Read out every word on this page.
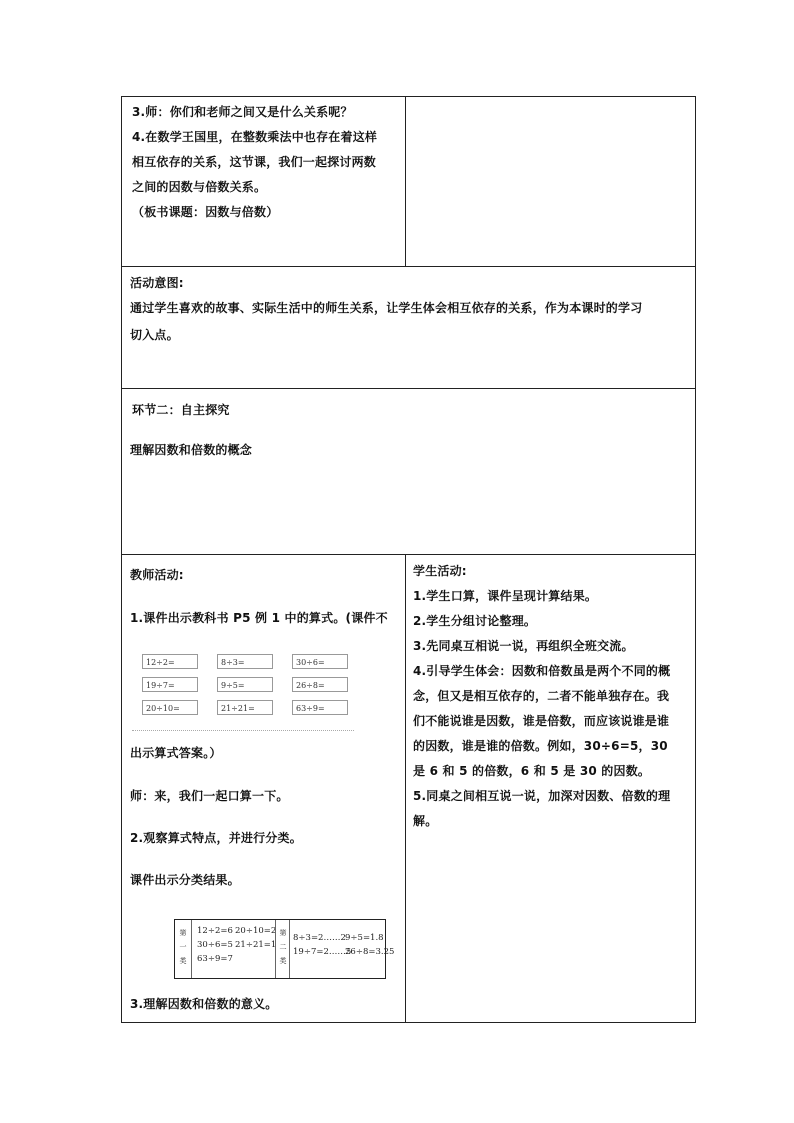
3.师：你们和老师之间又是什么关系呢？

4.在数学王国里，在整数乘法中也存在着这样

相互依存的关系，这节课，我们一起探讨两数

之间的因数与倍数关系。

（板书课题：因数与倍数）

活动意图:

通过学生喜欢的故事、实际生活中的师生关系，让学生体会相互依存的关系，作为本课时的学习

切入点。

环节二：自主探究
理解因数和倍数的概念
教师活动:
1.课件出示教科书 P5 例 1 中的算式。(课件不
12÷2=	8÷3=	30÷6=
19÷7=	9÷5=	26÷8=
20÷10=	21÷21=	63÷9=
第一类
12÷2=6 20÷10=2
30÷6=5 21÷21=1
63÷9=7
第二类
8÷3=2……2 9÷5=1.8
19÷7=2……5
26÷8=3.25
出示算式答案。）
师：来，我们一起口算一下。
2.观察算式特点，并进行分类。
课件出示分类结果。
3.理解因数和倍数的意义。

学生活动:

1.学生口算，课件呈现计算结果。

2.学生分组讨论整理。

3.先同桌互相说一说，再组织全班交流。

4.引导学生体会：因数和倍数虽是两个不同的概

念，但又是相互依存的，二者不能单独存在。我

们不能说谁是因数，谁是倍数，而应该说谁是谁

的因数，谁是谁的倍数。例如，30÷6=5，30

是 6 和 5 的倍数，6 和 5 是 30 的因数。

5.同桌之间相互说一说，加深对因数、倍数的理

解。
